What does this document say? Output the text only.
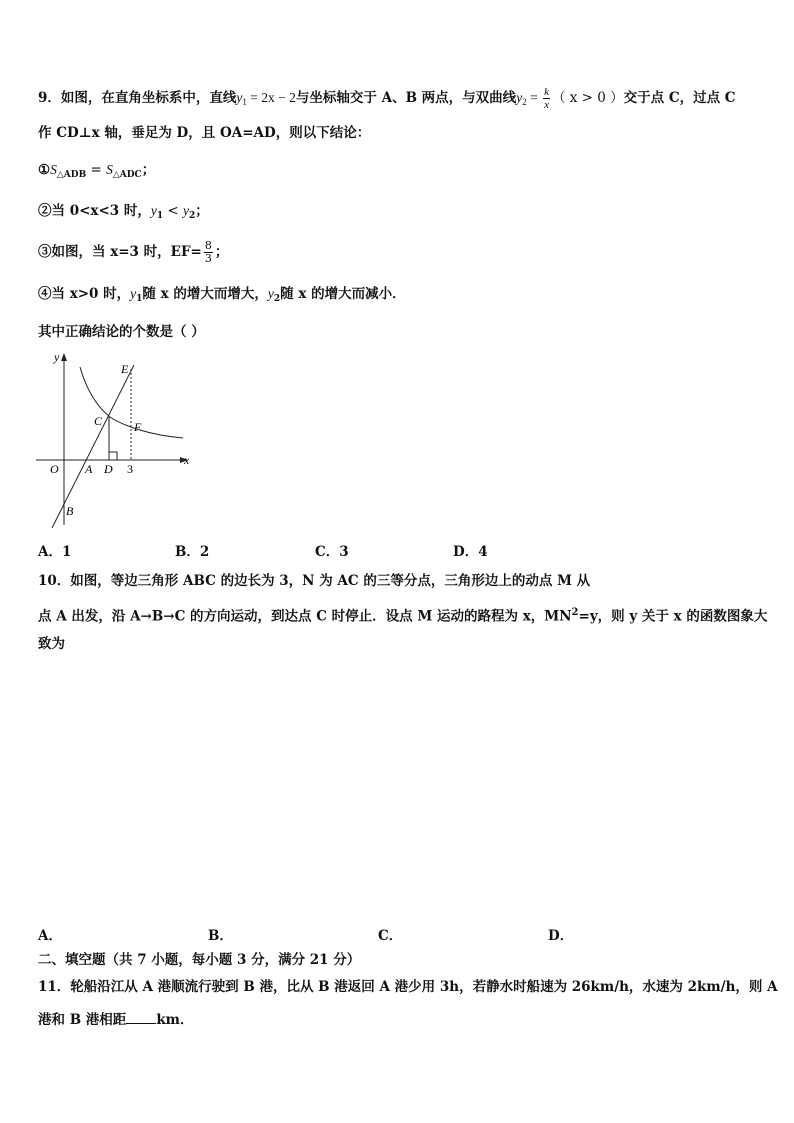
9．如图，在直角坐标系中，直线$y_1 = 2x - 2$与坐标轴交于 A、B 两点，与双曲线$y_2 = \frac{k}{x}$ （ x > 0 ）交于点 C，过点 C
作 CD⊥x 轴，垂足为 D，且 OA=AD，则以下结论：
$①S_{\triangle ADB} = S_{\triangle ADC}$；
②当 0<x<3 时，$y_1 < y_2$；
③如图，当 x=3 时，$EF= \frac{8}{3}$ ；
④当 x>0 时，$y_1$随 x 的增大而增大，$y_2$随 x 的增大而减小．
其中正确结论的个数是（ ）
y
x
O A D 3
B
C
E
F
A．1	B．2	C．3	D．4
10．如图，等边三角形 ABC 的边长为 3，N 为 AC 的三等分点，三角形边上的动点 M 从
点 A 出发，沿 A→B→C 的方向运动，到达点 C 时停止．设点 M 运动的路程为 x，$MN^2=y$，则 y 关于 x 的函数图象大
致为
A．	B．	C．	D．
二、填空题（共 7 小题，每小题 3 分，满分 21 分）
11．轮船沿江从 A 港顺流行驶到 B 港，比从 B 港返回 A 港少用 3h，若静水时船速为 26km/h，水速为 2km/h，则 A
港和 B 港相距 km．
